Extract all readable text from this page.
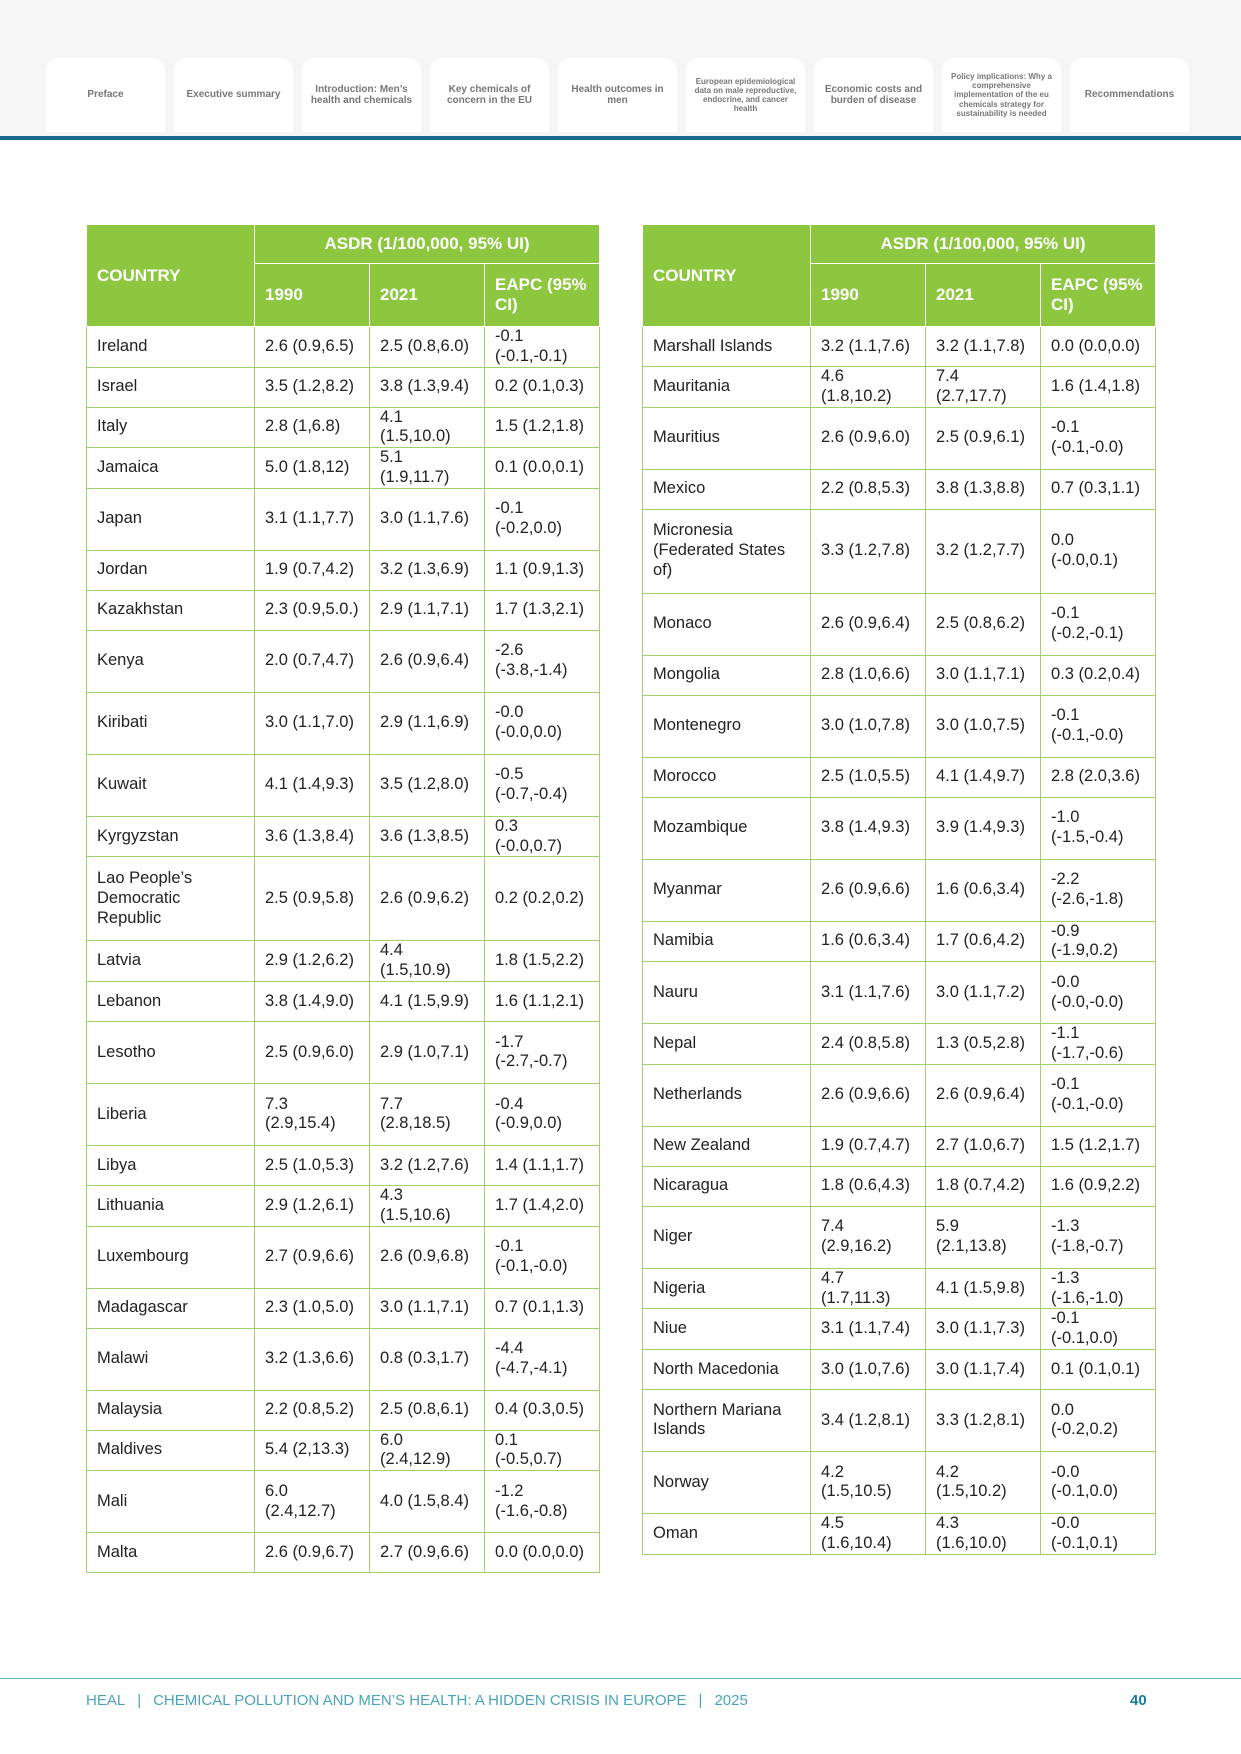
Preface	Executive summary
Introduction: Men’s health and chemicals
Key chemicals of concern in the EU
Health outcomes in men
European epidemiological data on male reproductive, endocrine, and cancer health
Economic costs and burden of disease
Policy implications: Why a comprehensive implementation of the eu chemicals strategy for sustainability is needed
Recommendations
COUNTRY	ASDR (1/100,000, 95% UI)		
	1990	2021	EAPC (95% CI)
Ireland	2.6 (0.9,6.5)	2.5 (0.8,6.0)	-0.1 (-0.1,-0.1)
Israel	3.5 (1.2,8.2)	3.8 (1.3,9.4)	0.2 (0.1,0.3)
Italy	2.8 (1,6.8)	4.1 (1.5,10.0)	1.5 (1.2,1.8)
Jamaica	5.0 (1.8,12)	5.1 (1.9,11.7)	0.1 (0.0,0.1)
Japan	3.1 (1.1,7.7)	3.0 (1.1,7.6)	-0.1 (-0.2,0.0)
Jordan	1.9 (0.7,4.2)	3.2 (1.3,6.9)	1.1 (0.9,1.3)
Kazakhstan	2.3 (0.9,5.0.)	2.9 (1.1,7.1)	1.7 (1.3,2.1)
Kenya	2.0 (0.7,4.7)	2.6 (0.9,6.4)	-2.6 (-3.8,-1.4)
Kiribati	3.0 (1.1,7.0)	2.9 (1.1,6.9)	-0.0 (-0.0,0.0)
Kuwait	4.1 (1.4,9.3)	3.5 (1.2,8.0)	-0.5 (-0.7,-0.4)
Kyrgyzstan	3.6 (1.3,8.4)	3.6 (1.3,8.5)	0.3 (-0.0,0.7)
Lao People’s Democratic Republic	2.5 (0.9,5.8)	2.6 (0.9,6.2)	0.2 (0.2,0.2)
Latvia	2.9 (1.2,6.2)	4.4 (1.5,10.9)	1.8 (1.5,2.2)
Lebanon	3.8 (1.4,9.0)	4.1 (1.5,9.9)	1.6 (1.1,2.1)
Lesotho	2.5 (0.9,6.0)	2.9 (1.0,7.1)	-1.7 (-2.7,-0.7)
Liberia	7.3 (2.9,15.4)	7.7 (2.8,18.5)	-0.4 (-0.9,0.0)
Libya	2.5 (1.0,5.3)	3.2 (1.2,7.6)	1.4 (1.1,1.7)
Lithuania	2.9 (1.2,6.1)	4.3 (1.5,10.6)	1.7 (1.4,2.0)
Luxembourg	2.7 (0.9,6.6)	2.6 (0.9,6.8)	-0.1 (-0.1,-0.0)
Madagascar	2.3 (1.0,5.0)	3.0 (1.1,7.1)	0.7 (0.1,1.3)
Malawi	3.2 (1.3,6.6)	0.8 (0.3,1.7)	-4.4 (-4.7,-4.1)
Malaysia	2.2 (0.8,5.2)	2.5 (0.8,6.1)	0.4 (0.3,0.5)
Maldives	5.4 (2,13.3)	6.0 (2.4,12.9)	0.1 (-0.5,0.7)
Mali	6.0 (2.4,12.7)	4.0 (1.5,8.4)	-1.2 (-1.6,-0.8)
Malta	2.6 (0.9,6.7)	2.7 (0.9,6.6)	0.0 (0.0,0.0)
COUNTRY	ASDR (1/100,000, 95% UI)		
	1990	2021	EAPC (95% CI)
Marshall Islands	3.2 (1.1,7.6)	3.2 (1.1,7.8)	0.0 (0.0,0.0)
Mauritania	4.6 (1.8,10.2)	7.4 (2.7,17.7)	1.6 (1.4,1.8)
Mauritius	2.6 (0.9,6.0)	2.5 (0.9,6.1)	-0.1 (-0.1,-0.0)
Mexico	2.2 (0.8,5.3)	3.8 (1.3,8.8)	0.7 (0.3,1.1)
Micronesia (Federated States of)	3.3 (1.2,7.8)	3.2 (1.2,7.7)	0.0 (-0.0,0.1)
Monaco	2.6 (0.9,6.4)	2.5 (0.8,6.2)	-0.1 (-0.2,-0.1)
Mongolia	2.8 (1.0,6.6)	3.0 (1.1,7.1)	0.3 (0.2,0.4)
Montenegro	3.0 (1.0,7.8)	3.0 (1.0,7.5)	-0.1 (-0.1,-0.0)
Morocco	2.5 (1.0,5.5)	4.1 (1.4,9.7)	2.8 (2.0,3.6)
Mozambique	3.8 (1.4,9.3)	3.9 (1.4,9.3)	-1.0 (-1.5,-0.4)
Myanmar	2.6 (0.9,6.6)	1.6 (0.6,3.4)	-2.2 (-2.6,-1.8)
Namibia	1.6 (0.6,3.4)	1.7 (0.6,4.2)	-0.9 (-1.9,0.2)
Nauru	3.1 (1.1,7.6)	3.0 (1.1,7.2)	-0.0 (-0.0,-0.0)
Nepal	2.4 (0.8,5.8)	1.3 (0.5,2.8)	-1.1 (-1.7,-0.6)
Netherlands	2.6 (0.9,6.6)	2.6 (0.9,6.4)	-0.1 (-0.1,-0.0)
New Zealand	1.9 (0.7,4.7)	2.7 (1.0,6.7)	1.5 (1.2,1.7)
Nicaragua	1.8 (0.6,4.3)	1.8 (0.7,4.2)	1.6 (0.9,2.2)
Niger	7.4 (2.9,16.2)	5.9 (2.1,13.8)	-1.3 (-1.8,-0.7)
Nigeria	4.7 (1.7,11.3)	4.1 (1.5,9.8)	-1.3 (-1.6,-1.0)
Niue	3.1 (1.1,7.4)	3.0 (1.1,7.3)	-0.1 (-0.1,0.0)
North Macedonia	3.0 (1.0,7.6)	3.0 (1.1,7.4)	0.1 (0.1,0.1)
Northern Mariana Islands	3.4 (1.2,8.1)	3.3 (1.2,8.1)	0.0 (-0.2,0.2)
Norway	4.2 (1.5,10.5)	4.2 (1.5,10.2)	-0.0 (-0.1,0.0)
Oman	4.5 (1.6,10.4)	4.3 (1.6,10.0)	-0.0 (-0.1,0.1)
HEAL | CHEMICAL POLLUTION AND MEN’S HEALTH: A HIDDEN CRISIS IN EUROPE | 2025	40
